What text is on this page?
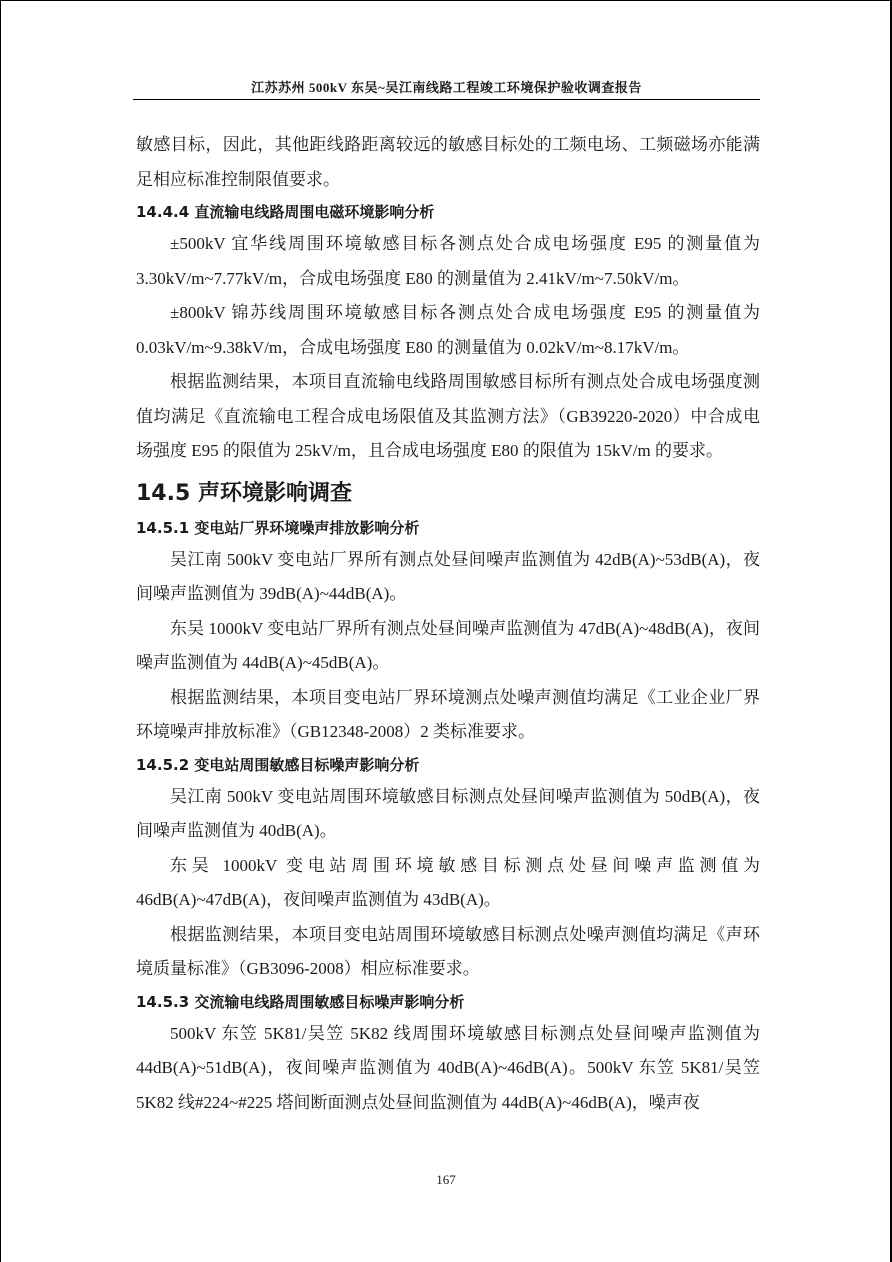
江苏苏州 500kV 东吴~吴江南线路工程竣工环境保护验收调查报告

敏感目标，因此，其他距线路距离较远的敏感目标处的工频电场、工频磁场亦能满足相应标准控制限值要求。

14.4.4 直流输电线路周围电磁环境影响分析

±500kV 宜华线周围环境敏感目标各测点处合成电场强度 E95 的测量值为 3.30kV/m~7.77kV/m，合成电场强度 E80 的测量值为 2.41kV/m~7.50kV/m。

±800kV 锦苏线周围环境敏感目标各测点处合成电场强度 E95 的测量值为 0.03kV/m~9.38kV/m，合成电场强度 E80 的测量值为 0.02kV/m~8.17kV/m。

根据监测结果，本项目直流输电线路周围敏感目标所有测点处合成电场强度测值均满足《直流输电工程合成电场限值及其监测方法》（GB39220-2020）中合成电场强度 E95 的限值为 25kV/m，且合成电场强度 E80 的限值为 15kV/m 的要求。

14.5 声环境影响调查

14.5.1 变电站厂界环境噪声排放影响分析

吴江南 500kV 变电站厂界所有测点处昼间噪声监测值为 42dB(A)~53dB(A)，夜间噪声监测值为 39dB(A)~44dB(A)。

东吴 1000kV 变电站厂界所有测点处昼间噪声监测值为 47dB(A)~48dB(A)，夜间噪声监测值为 44dB(A)~45dB(A)。

根据监测结果，本项目变电站厂界环境测点处噪声测值均满足《工业企业厂界环境噪声排放标准》（GB12348-2008）2 类标准要求。

14.5.2 变电站周围敏感目标噪声影响分析

吴江南 500kV 变电站周围环境敏感目标测点处昼间噪声监测值为 50dB(A)，夜间噪声监测值为 40dB(A)。

东吴 1000kV 变电站周围环境敏感目标测点处昼间噪声监测值为 46dB(A)~47dB(A)，夜间噪声监测值为 43dB(A)。

根据监测结果，本项目变电站周围环境敏感目标测点处噪声测值均满足《声环境质量标准》（GB3096-2008）相应标准要求。

14.5.3 交流输电线路周围敏感目标噪声影响分析

500kV 东笠 5K81/吴笠 5K82 线周围环境敏感目标测点处昼间噪声监测值为 44dB(A)~51dB(A)，夜间噪声监测值为 40dB(A)~46dB(A)。500kV 东笠 5K81/吴笠 5K82 线#224~#225 塔间断面测点处昼间监测值为 44dB(A)~46dB(A)，噪声夜

167
